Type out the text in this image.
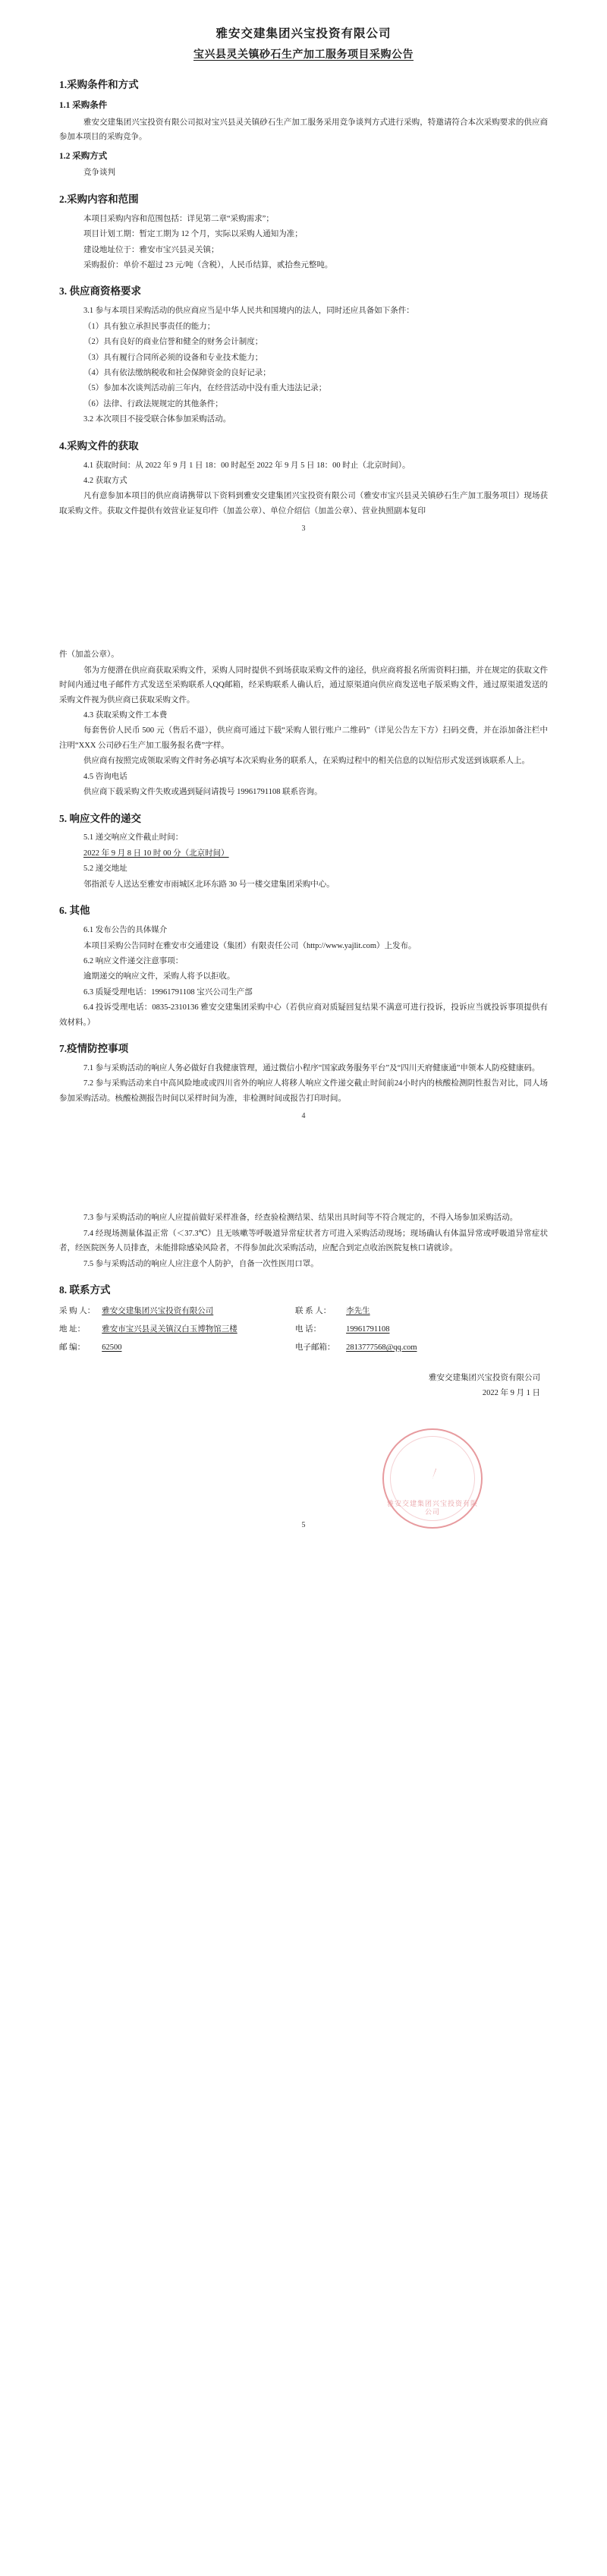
雅安交建集团兴宝投资有限公司
宝兴县灵关镇砂石生产加工服务项目采购公告
1.采购条件和方式
1.1 采购条件

雅安交建集团兴宝投资有限公司拟对宝兴县灵关镇砂石生产加工服务采用竞争谈判方式进行采购，特邀请符合本次采购要求的供应商参加本项目的采购竞争。

1.2 采购方式

竞争谈判

2.采购内容和范围

本项目采购内容和范围包括：详见第二章“采购需求”；

项目计划工期：暂定工期为 12 个月，实际以采购人通知为准；

建设地址位于：雅安市宝兴县灵关镇；

采购报价：单价不超过 23 元/吨（含税），人民币结算，贰拾叁元整吨。

3. 供应商资格要求

3.1 参与本项目采购活动的供应商应当是中华人民共和国境内的法人，同时还应具备如下条件：

（1）具有独立承担民事责任的能力；

（2）具有良好的商业信誉和健全的财务会计制度；

（3）具有履行合同所必须的设备和专业技术能力；

（4）具有依法缴纳税收和社会保障资金的良好记录；

（5）参加本次谈判活动前三年内，在经营活动中没有重大违法记录；

（6）法律、行政法规规定的其他条件；

3.2 本次项目不接受联合体参加采购活动。

4.采购文件的获取

4.1 获取时间：从 2022 年 9 月 1 日 18：00 时起至 2022 年 9 月 5 日 18：00 时止（北京时间）。

4.2 获取方式

凡有意参加本项目的供应商请携带以下资料到雅安交建集团兴宝投资有限公司（雅安市宝兴县灵关镇砂石生产加工服务项目）现场获取采购文件。获取文件提供有效营业证复印件（加盖公章）、单位介绍信（加盖公章）、营业执照副本复印

3

件（加盖公章）。

邻为方便潜在供应商获取采购文件，采购人同时提供不到场获取采购文件的途径，供应商将报名所需资料扫描，并在规定的获取文件时间内通过电子邮件方式发送至采购联系人QQ邮箱，经采购联系人确认后，通过原渠道向供应商发送电子版采购文件，通过原渠道发送的采购文件视为供应商已获取采购文件。

4.3 获取采购文件工本费

每套售价人民币 500 元（售后不退），供应商可通过下载“采购人银行账户二维码”（详见公告左下方）扫码交费，并在添加备注栏中注明“XXX 公司砂石生产加工服务报名费”字样。

供应商有按照完成领取采购文件时务必填写本次采购业务的联系人，在采购过程中的相关信息的以短信形式发送到该联系人上。

4.5 咨询电话

供应商下载采购文件失败或遇到疑问请拨号 19961791108 联系咨询。

5. 响应文件的递交

5.1 递交响应文件截止时间：

2022 年 9 月 8 日 10 时 00 分（北京时间）

5.2 递交地址

邻指派专人送达至雅安市雨城区北环东路 30 号一楼交建集团采购中心。

6. 其他

6.1 发布公告的具体媒介

本项目采购公告同时在雅安市交通建设（集团）有限责任公司（http://www.yajlit.com）上发布。

6.2 响应文件递交注意事项：

逾期递交的响应文件，采购人将予以拒收。

6.3 质疑受理电话：19961791108 宝兴公司生产部

6.4 投诉受理电话：0835-2310136 雅安交建集团采购中心（若供应商对质疑回复结果不满意可进行投诉，投诉应当就投诉事项提供有效材料。）

7.疫情防控事项

7.1 参与采购活动的响应人务必做好自我健康管理，通过微信小程序“国家政务服务平台”及“四川天府健康通”申领本人防疫健康码。

7.2 参与采购活动来自中高风险地或或四川省外的响应人将移人响应文件递交截止时间前24小时内的核酸检测阴性报告对比，同人场参加采购活动。核酸检测报告时间以采样时间为准，非检测时间或报告打印时间。

4

7.3 参与采购活动的响应人应提前做好采样准备，经查验检测结果、结果出具时间等不符合规定的，不得入场参加采购活动。

7.4 经现场测量体温正常（＜37.3℃）且无咳嗽等呼吸道异常症状者方可进入采购活动现场；现场确认有体温异常或呼吸道异常症状者，经医院医务人员排查，未能排除感染风险者，不得参加此次采购活动，应配合到定点收治医院复核口请就诊。

7.5 参与采购活动的响应人应注意个人防护，自备一次性医用口罩。

8. 联系方式
采 购 人：	雅安交建集团兴宝投资有限公司	联 系 人：	李先生
地 址：	雅安市宝兴县灵关镇汉白玉博物馆三楼	电 话：	19961791108
邮 编：	62500	电子邮箱：	2813777568@qq.com
雅安交建集团兴宝投资有限公司
2022 年 9 月 1 日
雅安交建集团兴宝投资有限公司
5
